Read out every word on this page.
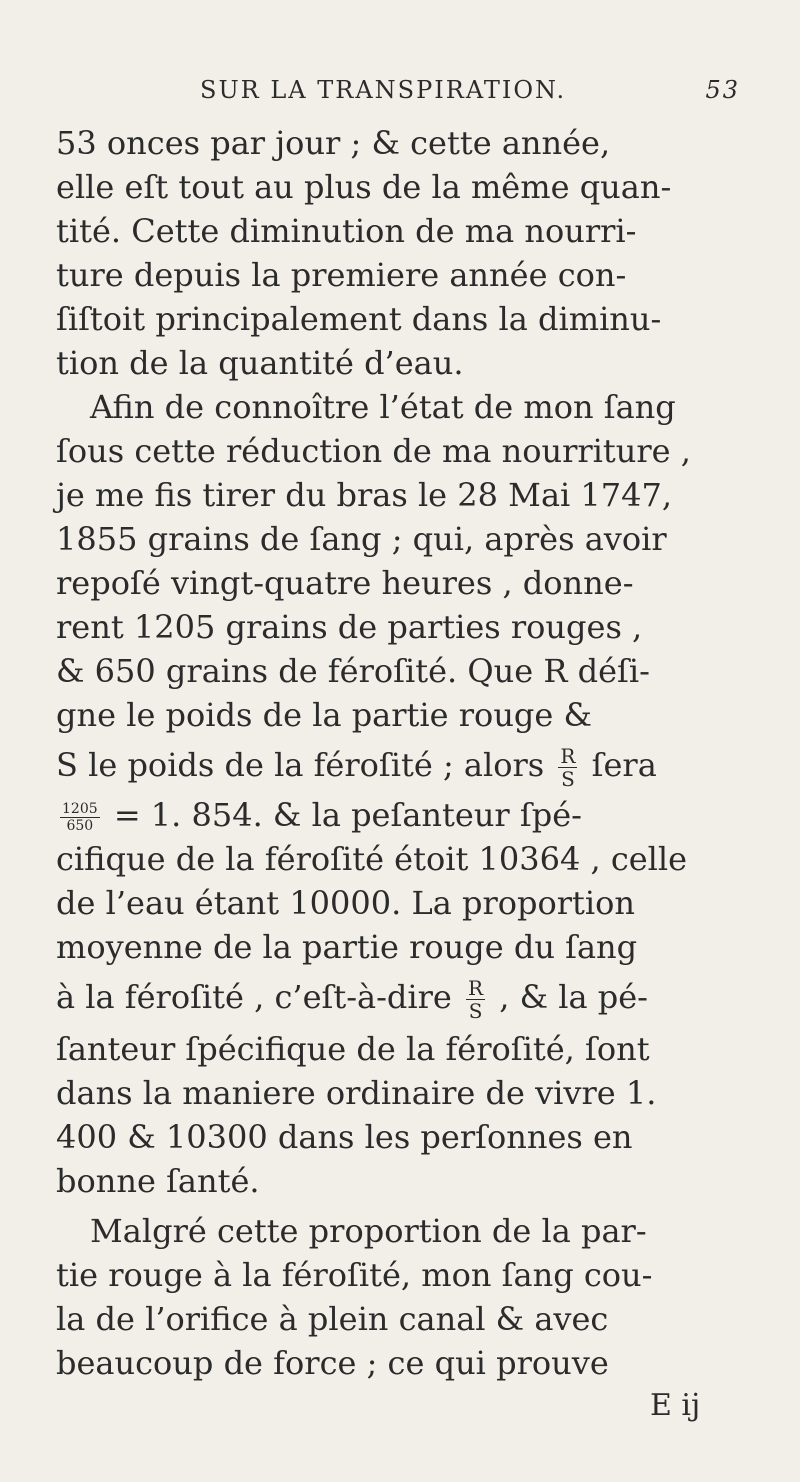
SUR LA TRANSPIRATION.	53
53 onces par jour ; & cette année,
elle eſt tout au plus de la même quan-
tité. Cette diminution de ma nourri-
ture depuis la premiere année con-
ſiſtoit principalement dans la diminu-
tion de la quantité d’eau.
Afin de connoître l’état de mon ſang
ſous cette réduction de ma nourriture ,
je me fis tirer du bras le 28 Mai 1747,
1855 grains de ſang ; qui, après avoir
repoſé vingt-quatre heures , donne-
rent 1205 grains de parties rouges ,
& 650 grains de féroſité. Que R déſi-
gne le poids de la partie rouge &
S le poids de la féroſité ; alors $\frac{R}{S}$ ſera
$\frac{1205}{650} = 1$. 854. & la peſanteur ſpé-
cifique de la féroſité étoit 10364 , celle
de l’eau étant 10000. La proportion
moyenne de la partie rouge du ſang
à la féroſité , c’eſt-à-dire $\frac{R}{S}$ , & la pé-
ſanteur ſpécifique de la féroſité, ſont
dans la maniere ordinaire de vivre 1.
400 & 10300 dans les perſonnes en
bonne ſanté.
Malgré cette proportion de la par-
tie rouge à la féroſité, mon ſang cou-
la de l’orifice à plein canal & avec
beaucoup de force ; ce qui prouve
E ij
